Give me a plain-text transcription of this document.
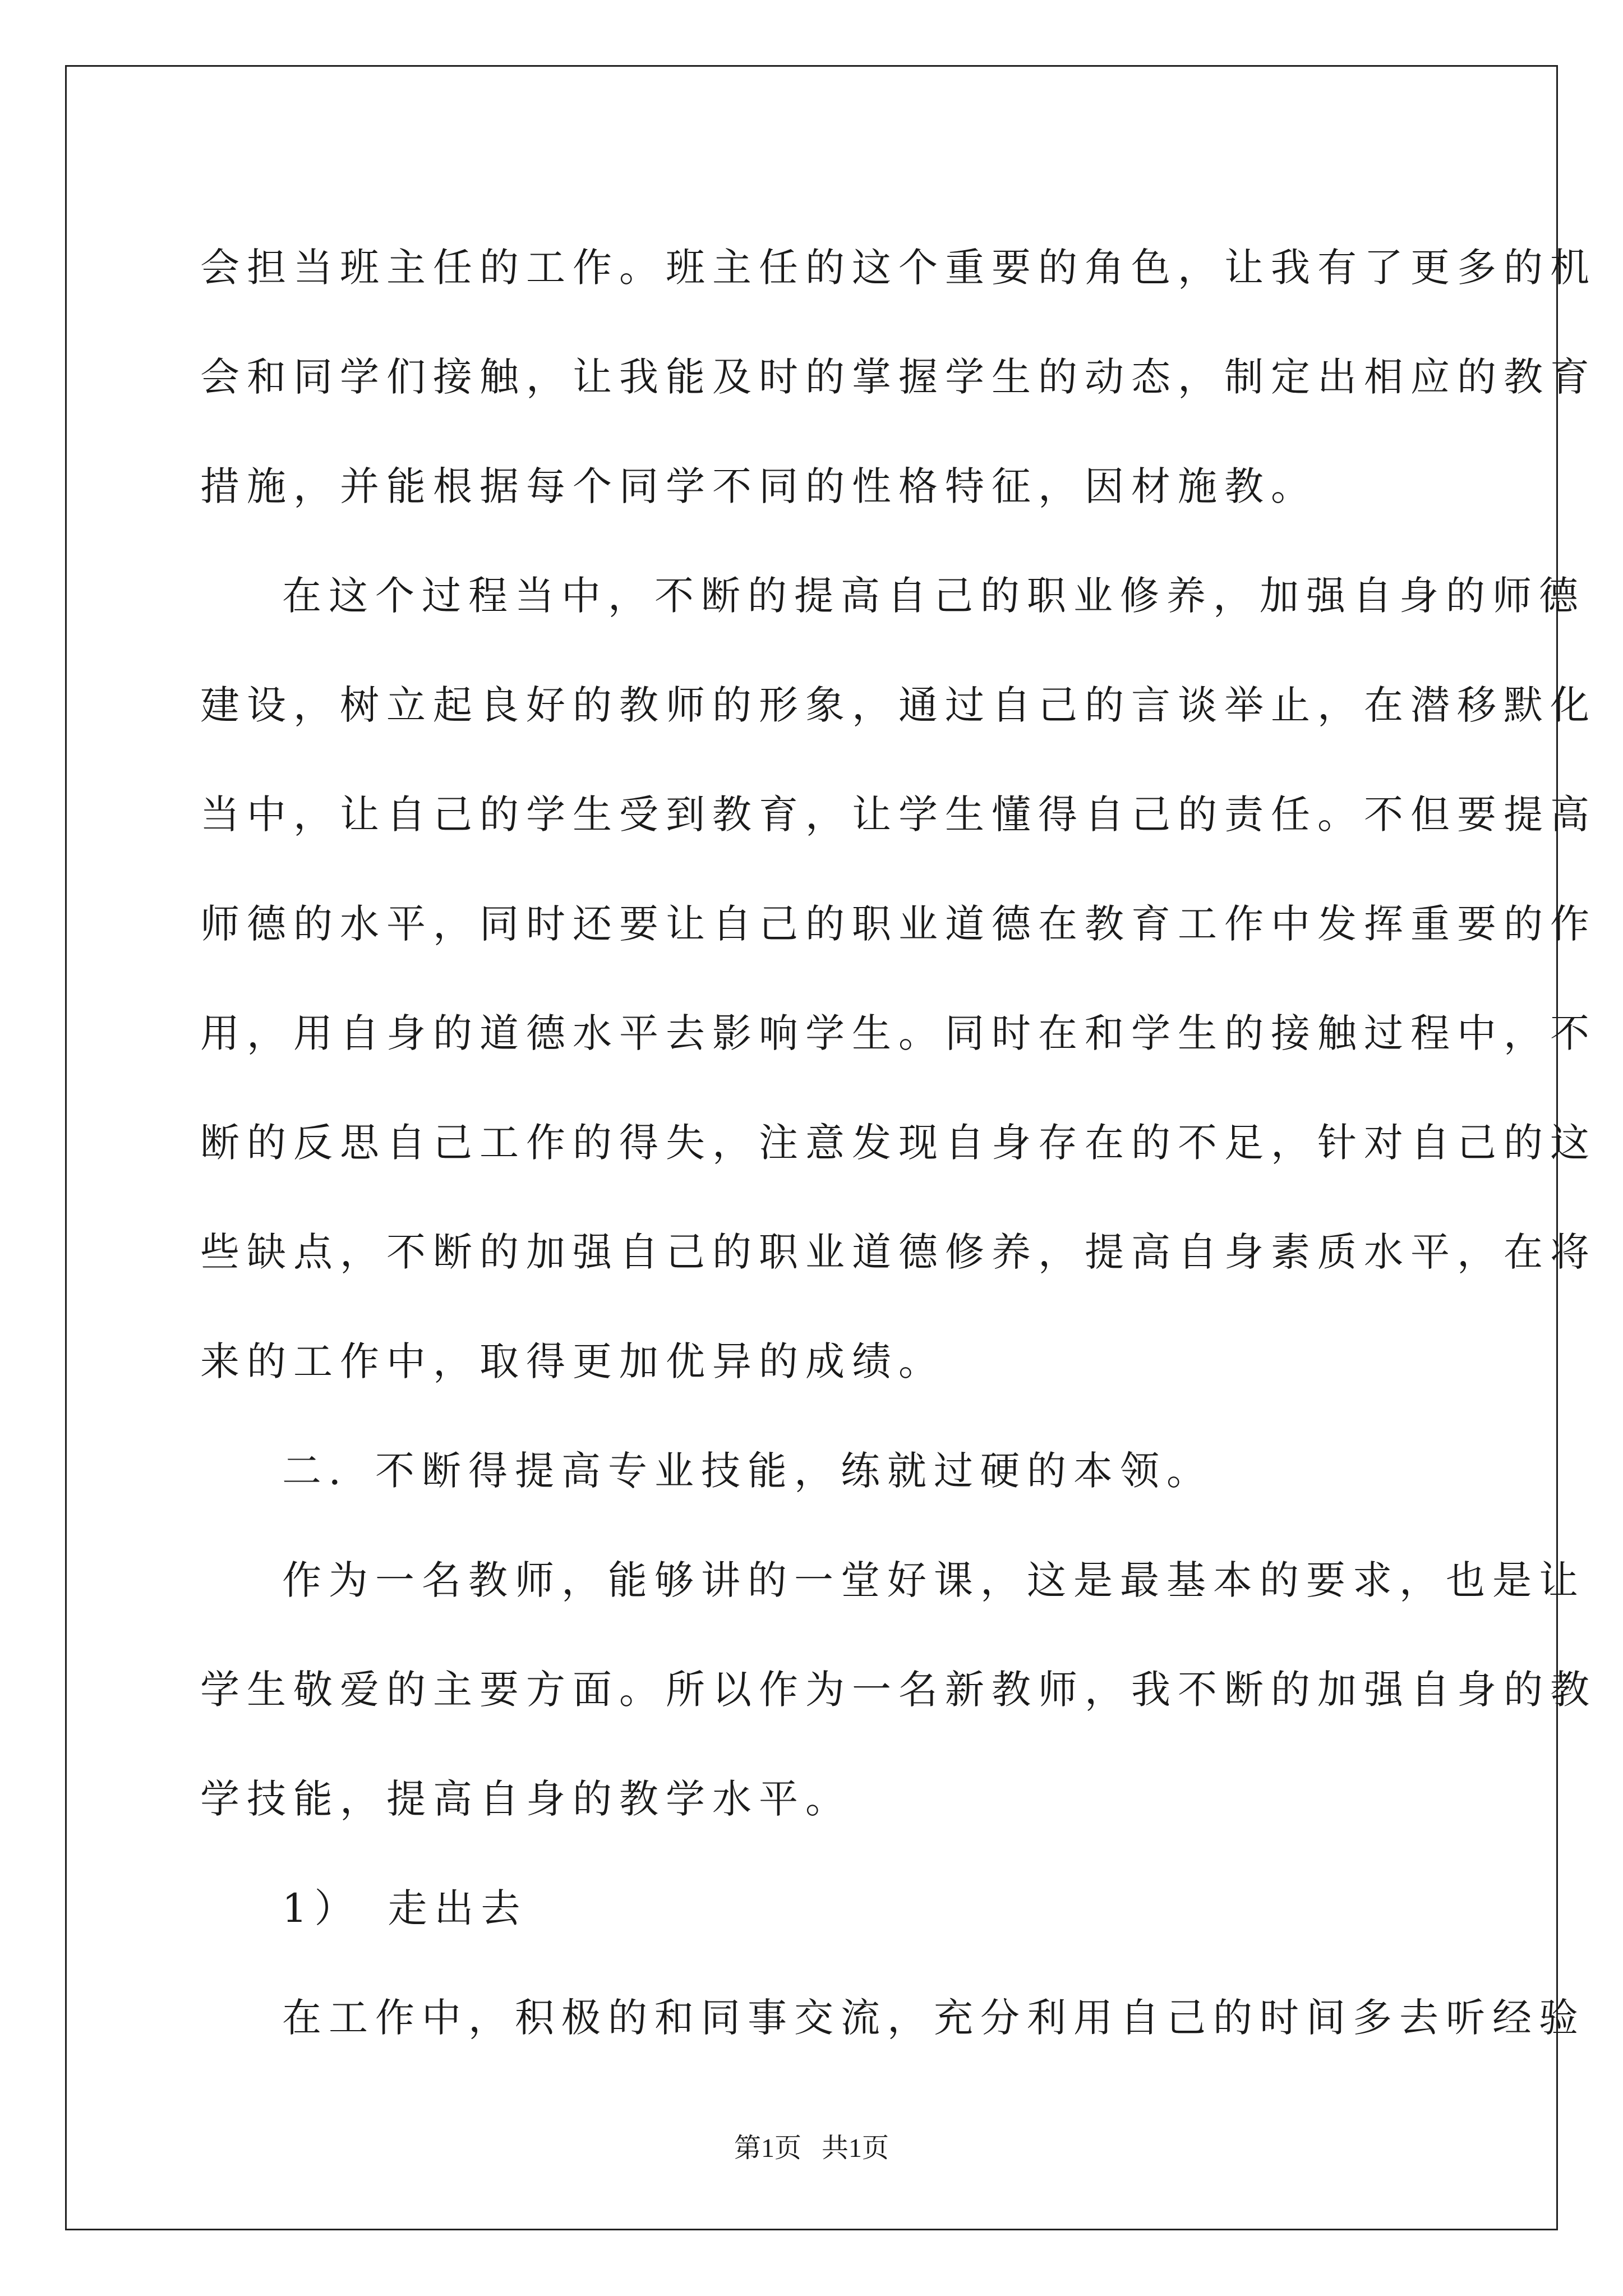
会担当班主任的工作。班主任的这个重要的角色，让我有了更多的机
会和同学们接触，让我能及时的掌握学生的动态，制定出相应的教育
措施，并能根据每个同学不同的性格特征，因材施教。

在这个过程当中，不断的提高自己的职业修养，加强自身的师德
建设，树立起良好的教师的形象，通过自己的言谈举止，在潜移默化
当中，让自己的学生受到教育，让学生懂得自己的责任。不但要提高
师德的水平，同时还要让自己的职业道德在教育工作中发挥重要的作
用，用自身的道德水平去影响学生。同时在和学生的接触过程中，不
断的反思自己工作的得失，注意发现自身存在的不足，针对自己的这
些缺点，不断的加强自己的职业道德修养，提高自身素质水平，在将
来的工作中，取得更加优异的成绩。

二．不断得提高专业技能，练就过硬的本领。

作为一名教师，能够讲的一堂好课，这是最基本的要求，也是让
学生敬爱的主要方面。所以作为一名新教师，我不断的加强自身的教
学技能，提高自身的教学水平。

1）　走出去

在工作中，积极的和同事交流，充分利用自己的时间多去听经验

第1页 共1页
